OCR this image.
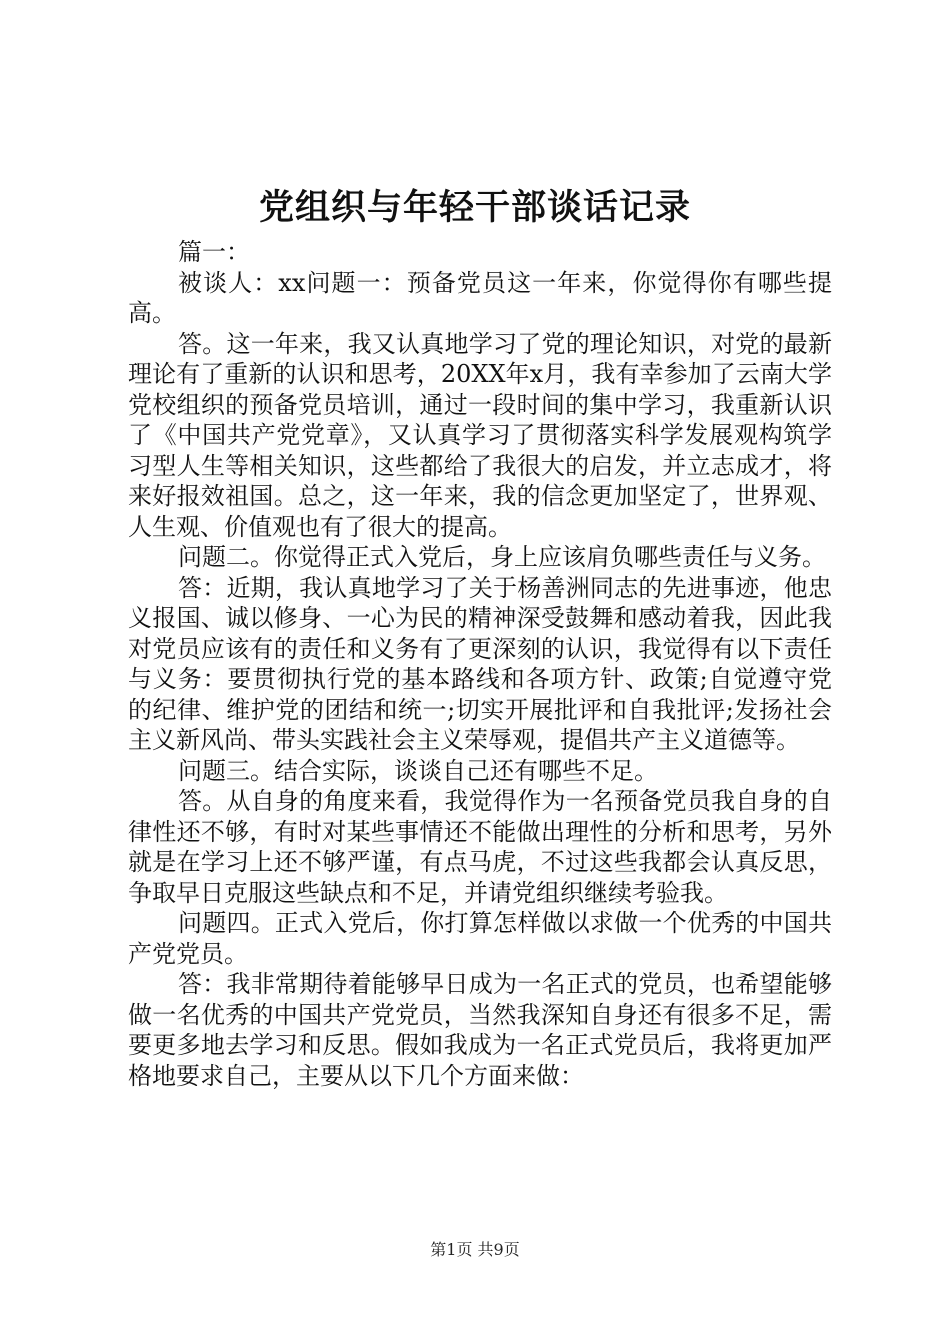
党组织与年轻干部谈话记录

篇一：

被谈人：xx问题一：预备党员这一年来，你觉得你有哪些提高。

答。这一年来，我又认真地学习了党的理论知识，对党的最新理论有了重新的认识和思考，20XX年x月，我有幸参加了云南大学党校组织的预备党员培训，通过一段时间的集中学习，我重新认识了《中国共产党党章》，又认真学习了贯彻落实科学发展观构筑学习型人生等相关知识，这些都给了我很大的启发，并立志成才，将来好报效祖国。总之，这一年来，我的信念更加坚定了，世界观、人生观、价值观也有了很大的提高。

问题二。你觉得正式入党后，身上应该肩负哪些责任与义务。

答：近期，我认真地学习了关于杨善洲同志的先进事迹，他忠义报国、诚以修身、一心为民的精神深受鼓舞和感动着我，因此我对党员应该有的责任和义务有了更深刻的认识，我觉得有以下责任与义务：要贯彻执行党的基本路线和各项方针、政策;自觉遵守党的纪律、维护党的团结和统一;切实开展批评和自我批评;发扬社会主义新风尚、带头实践社会主义荣辱观，提倡共产主义道德等。

问题三。结合实际，谈谈自己还有哪些不足。

答。从自身的角度来看，我觉得作为一名预备党员我自身的自律性还不够，有时对某些事情还不能做出理性的分析和思考，另外就是在学习上还不够严谨，有点马虎，不过这些我都会认真反思，争取早日克服这些缺点和不足，并请党组织继续考验我。

问题四。正式入党后，你打算怎样做以求做一个优秀的中国共产党党员。

答：我非常期待着能够早日成为一名正式的党员，也希望能够做一名优秀的中国共产党党员，当然我深知自身还有很多不足，需要更多地去学习和反思。假如我成为一名正式党员后，我将更加严格地要求自己，主要从以下几个方面来做：

第1页 共9页
